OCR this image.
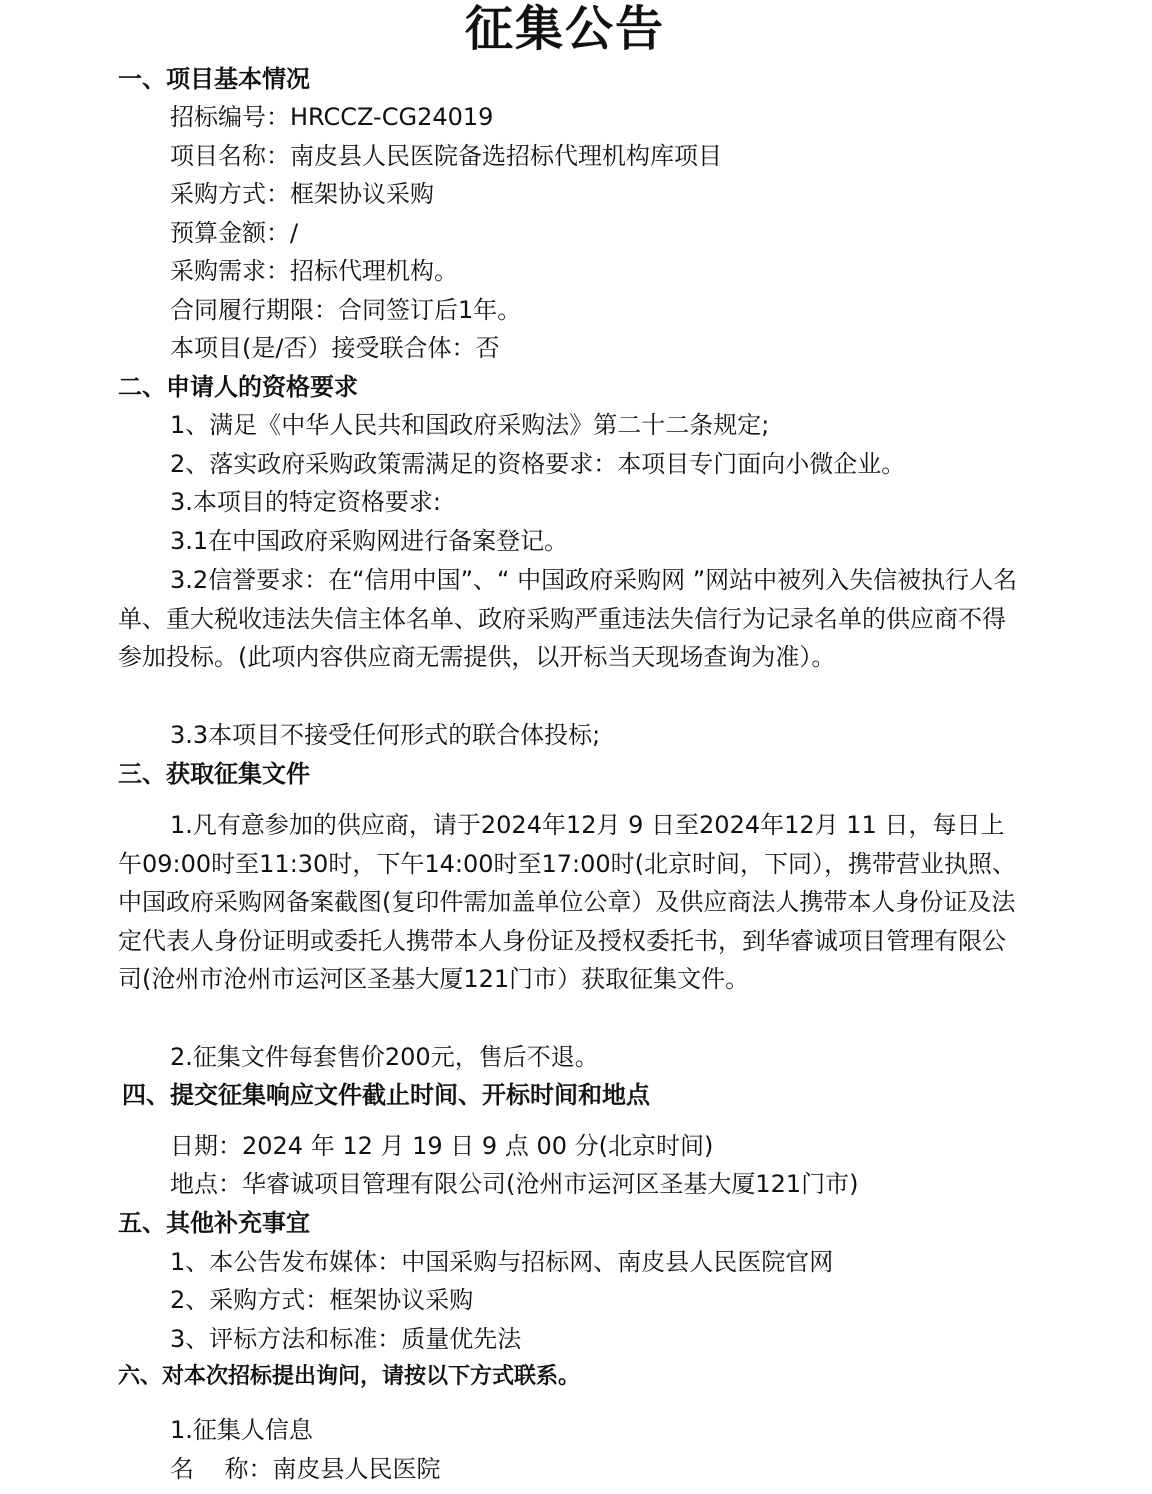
征集公告
一、项目基本情况
招标编号：HRCCZ-CG24019
项目名称：南皮县人民医院备选招标代理机构库项目
采购方式：框架协议采购
预算金额：/
采购需求：招标代理机构。
合同履行期限：合同签订后1年。
本项目(是/否）接受联合体：否
二、申请人的资格要求
1、满足《中华人民共和国政府采购法》第二十二条规定;
2、落实政府采购政策需满足的资格要求：本项目专门面向小微企业。
3.本项目的特定资格要求:
3.1在中国政府采购网进行备案登记。
3.2信誉要求：在“信用中国”、“ 中国政府采购网 ”网站中被列入失信被执行人名单、重大税收违法失信主体名单、政府采购严重违法失信行为记录名单的供应商不得参加投标。(此项内容供应商无需提供，以开标当天现场查询为准）。
3.3本项目不接受任何形式的联合体投标;
三、获取征集文件
1.凡有意参加的供应商，请于2024年12月 9 日至2024年12月 11 日，每日上午09:00时至11:30时，下午14:00时至17:00时(北京时间，下同），携带营业执照、中国政府采购网备案截图(复印件需加盖单位公章）及供应商法人携带本人身份证及法定代表人身份证明或委托人携带本人身份证及授权委托书，到华睿诚项目管理有限公司(沧州市沧州市运河区圣基大厦121门市）获取征集文件。
2.征集文件每套售价200元，售后不退。
四、提交征集响应文件截止时间、开标时间和地点
日期：2024 年 12 月 19 日 9 点 00 分(北京时间)
地点：华睿诚项目管理有限公司(沧州市运河区圣基大厦121门市)
五、其他补充事宜
1、本公告发布媒体：中国采购与招标网、南皮县人民医院官网
2、采购方式：框架协议采购
3、评标方法和标准：质量优先法
六、对本次招标提出询问，请按以下方式联系。
1.征集人信息
名    称：南皮县人民医院
